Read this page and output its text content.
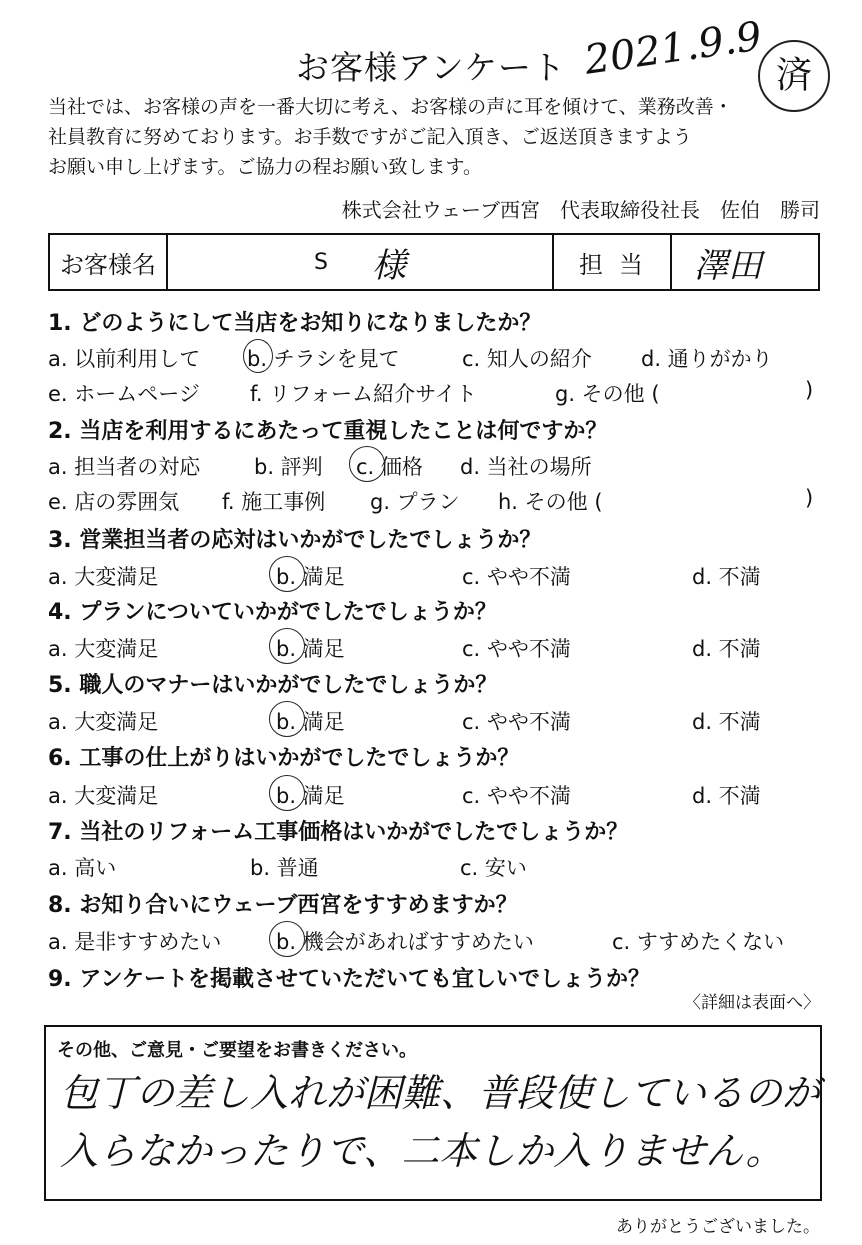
お客様アンケート 2021.9.9 済
当社では、お客様の声を一番大切に考え、お客様の声に耳を傾けて、業務改善・
社員教育に努めております。お手数ですがご記入頂き、ご返送頂きますよう
お願い申し上げます。ご協力の程お願い致します。
株式会社ウェーブ西宮　代表取締役社長　佐伯　勝司
お客様名	S 様	担当	澤田
1. どのようにして当店をお知りになりましたか？
a. 以前利用して b. チラシを見て	c. 知人の紹介 d. 通りがかり
e. ホームページ f. リフォーム紹介サイト	g. その他 (	)
2. 当店を利用するにあたって重視したことは何ですか？
a. 担当者の対応	b. 評判 c. 価格 d. 当社の場所
e. 店の雰囲気 f. 施工事例 g. プラン h. その他 (	)
3. 営業担当者の応対はいかがでしたでしょうか？
a. 大変満足	b. 満足	c. やや不満	d. 不満
4. プランについていかがでしたでしょうか？
a. 大変満足	b. 満足	c. やや不満	d. 不満
5. 職人のマナーはいかがでしたでしょうか？
a. 大変満足	b. 満足	c. やや不満	d. 不満
6. 工事の仕上がりはいかがでしたでしょうか？
a. 大変満足	b. 満足	c. やや不満	d. 不満
7. 当社のリフォーム工事価格はいかがでしたでしょうか？
a. 高い	b. 普通	c. 安い
8. お知り合いにウェーブ西宮をすすめますか？
a. 是非すすめたい	b. 機会があればすすめたい	c. すすめたくない
9. アンケートを掲載させていただいても宜しいでしょうか？
〈詳細は表面へ〉
その他、ご意見・ご要望をお書きください。
包丁の差し入れが困難、普段使しているのが
入らなかったりで、二本しか入りません。
ありがとうございました。
